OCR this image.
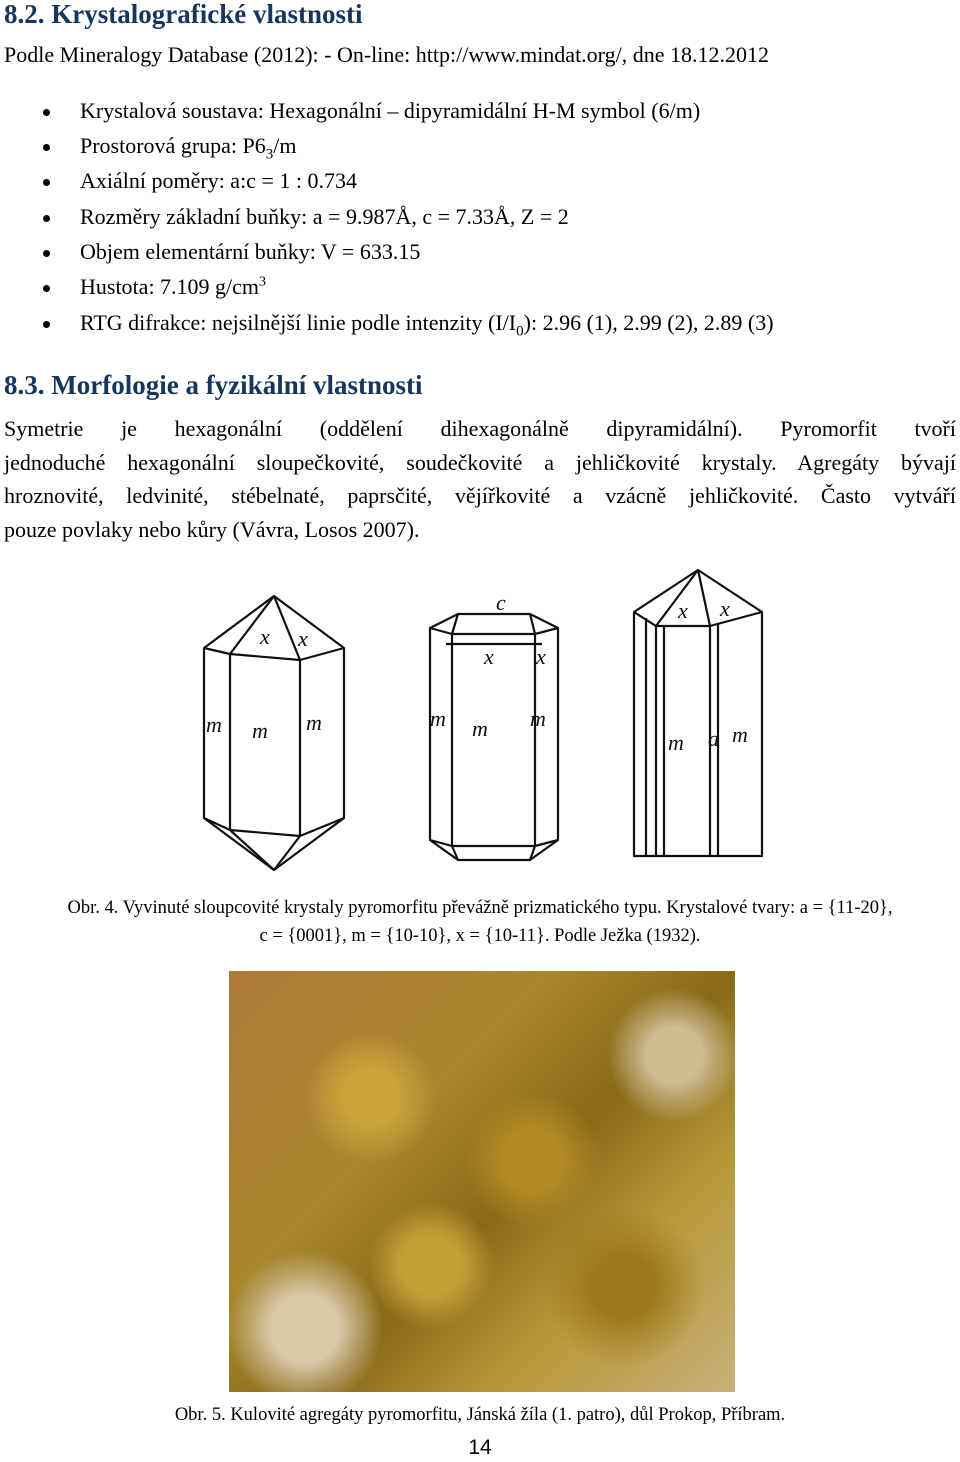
8.2. Krystalografické vlastnosti
Podle Mineralogy Database (2012): - On-line: http://www.mindat.org/, dne 18.12.2012
Krystalová soustava: Hexagonální – dipyramidální H-M symbol (6/m)
Prostorová grupa: $P6_3/m$
Axiální poměry: a:c = 1 : 0.734
Rozměry základní buňky: a = 9.987Å, c = 7.33Å, Z = 2
Objem elementární buňky: V = 633.15
Hustota: 7.109 $g/cm^3$
RTG difrakce: nejsilnější linie podle intenzity $(I/I_0)$: 2.96 (1), 2.99 (2), 2.89 (3)
8.3. Morfologie a fyzikální vlastnosti
Symetrie je hexagonální (oddělení dihexagonálně dipyramidální). Pyromorfit tvoří
jednoduché hexagonální sloupečkovité, soudečkovité a jehličkovité krystaly. Agregáty bývají
hroznovité, ledvinité, stébelnaté, paprsčité, vějířkovité a vzácně jehličkovité. Často vytváří
pouze povlaky nebo kůry (Vávra, Losos 2007).
x x
m m m
c
x x
m m m
x x
m a m
Obr. 4. Vyvinuté sloupcovité krystaly pyromorfitu převážně prizmatického typu. Krystalové tvary: a = {11-20},
c = {0001}, m = {10-10}, x = {10-11}. Podle Ježka (1932).
Obr. 5. Kulovité agregáty pyromorfitu, Jánská žíla (1. patro), důl Prokop, Příbram.
14
